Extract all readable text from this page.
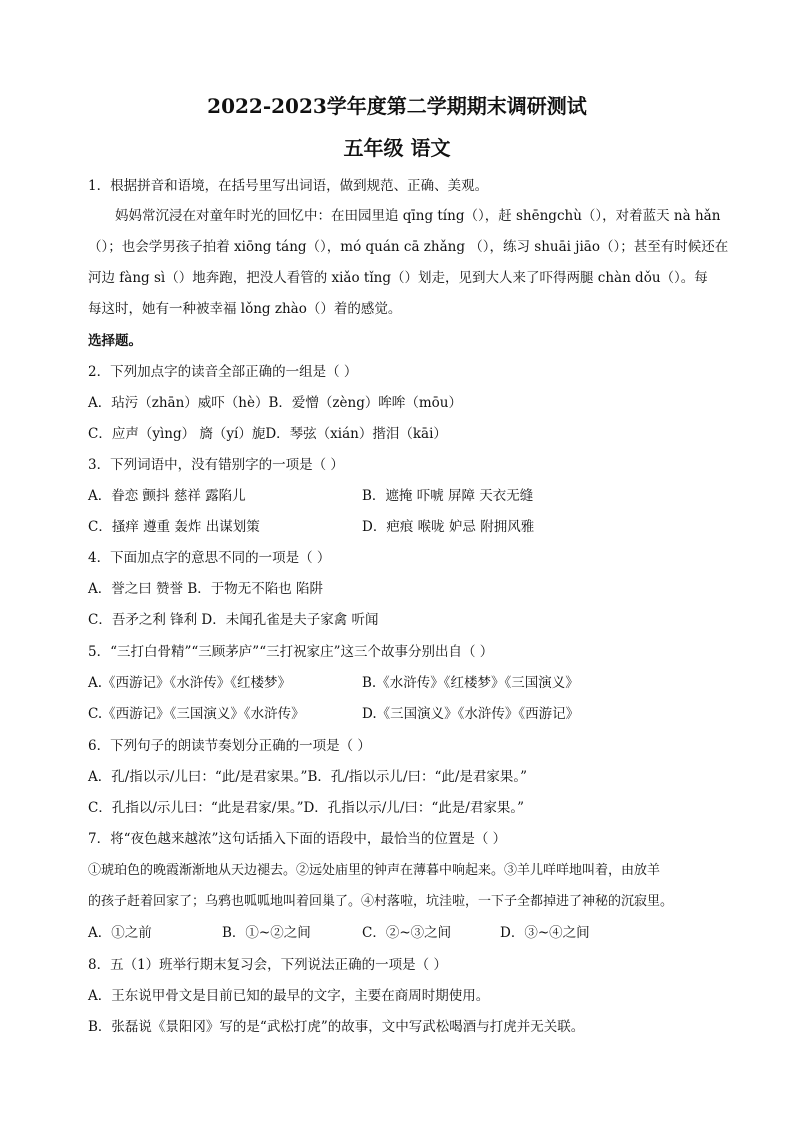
2022-2023学年度第二学期期末调研测试
五年级 语文
1．根据拼音和语境，在括号里写出词语，做到规范、正确、美观。
妈妈常沉浸在对童年时光的回忆中：在田园里追 qīng tíng（），赶 shēngchù（），对着蓝天 nà hǎn
（）；也会学男孩子拍着 xiōng táng（），mó quán cā zhǎng （），练习 shuāi jiāo（）；甚至有时候还在
河边 fàng sì（）地奔跑，把没人看管的 xiǎo tǐng（）划走，见到大人来了吓得两腿 chàn dǒu（）。每
每这时，她有一种被幸福 lǒng zhào（）着的感觉。
选择题。
2．下列加点字的读音全部正确的一组是（ ）
A．玷污（zhān）威吓（hè）B．爱憎（zèng）哞哞（mōu）
C．应声（yìng） 旖（yí）旎D．琴弦（xián）揩泪（kāi）
3．下列词语中，没有错别字的一项是（ ）
A．眷恋 颤抖 慈祥 露陷儿	B．遮掩 吓唬 屏障 天衣无缝
C．搔痒 遵重 轰炸 出谋划策	D．疤痕 喉咙 妒忌 附拥风雅
4．下面加点字的意思不同的一项是（ ）
A．誉之曰 赞誉 B．于物无不陷也 陷阱
C．吾矛之利 锋利 D．未闻孔雀是夫子家禽 听闻
5．“三打白骨精”“三顾茅庐”“三打祝家庄”这三个故事分别出自（ ）
A.《西游记》《水浒传》《红楼梦》	B.《水浒传》《红楼梦》《三国演义》
C.《西游记》《三国演义》《水浒传》	D.《三国演义》《水浒传》《西游记》
6．下列句子的朗读节奏划分正确的一项是（ ）
A．孔/指以示/儿曰：“此/是君家果。”B．孔/指以示儿/曰：“此/是君家果。”
C．孔指以/示儿曰：“此是君家/果。”D．孔指以示/儿/曰：“此是/君家果。”
7．将“夜色越来越浓”这句话插入下面的语段中，最恰当的位置是（ ）
①琥珀色的晚霞渐渐地从天边褪去。②远处庙里的钟声在薄暮中响起来。③羊儿咩咩地叫着，由放羊
的孩子赶着回家了；乌鸦也呱呱地叫着回巢了。④村落啦，坑洼啦，一下子全都掉进了神秘的沉寂里。
A．①之前	B．①~②之间	C．②~③之间	D．③~④之间
8．五（1）班举行期末复习会，下列说法正确的一项是（ ）
A．王东说甲骨文是目前已知的最早的文字，主要在商周时期使用。
B．张磊说《景阳冈》写的是“武松打虎”的故事，文中写武松喝酒与打虎并无关联。
